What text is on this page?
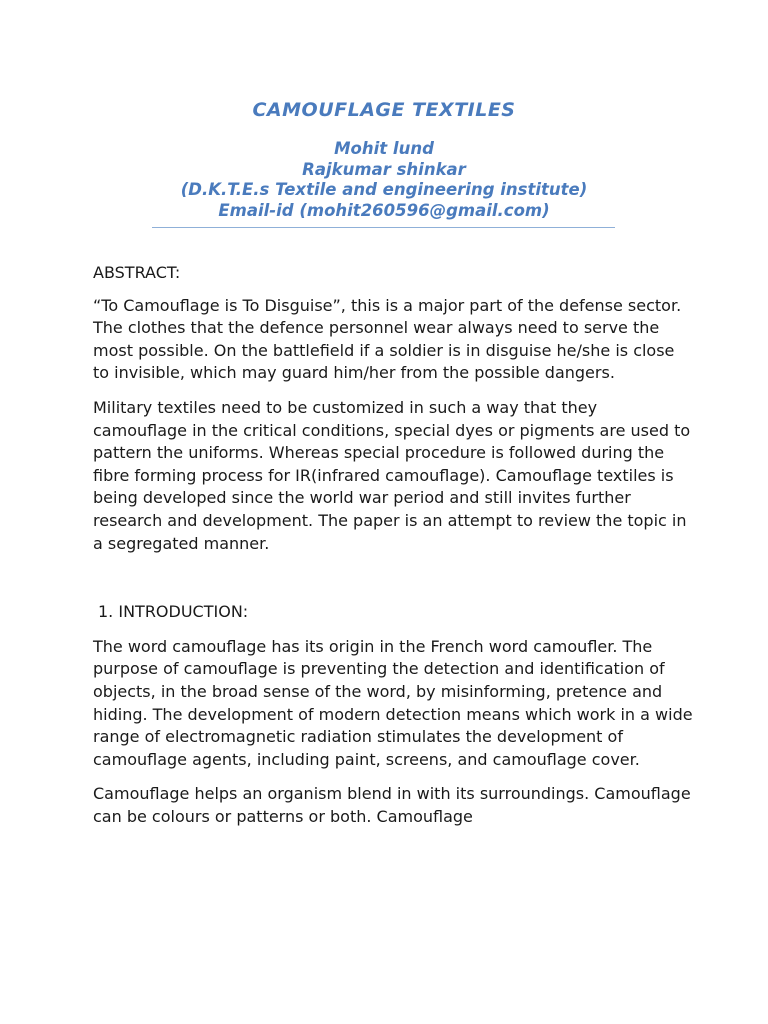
CAMOUFLAGE TEXTILES
Mohit lund
Rajkumar shinkar
(D.K.T.E.s Textile and engineering institute)
Email-id (mohit260596@gmail.com)

ABSTRACT:

“To Camouflage is To Disguise”, this is a major part of the defense sector. The clothes that the defence personnel wear always need to serve the most possible. On the battlefield if a soldier is in disguise he/she is close to invisible, which may guard him/her from the possible dangers.

Military textiles need to be customized in such a way that they camouflage in the critical conditions, special dyes or pigments are used to pattern the uniforms. Whereas special procedure is followed during the fibre forming process for IR(infrared camouflage). Camouflage textiles is being developed since the world war period and still invites further research and development. The paper is an attempt to review the topic in a segregated manner.

1. INTRODUCTION:

The word camouflage has its origin in the French word camoufler. The purpose of camouflage is preventing the detection and identification of objects, in the broad sense of the word, by misinforming, pretence and hiding. The development of modern detection means which work in a wide range of electromagnetic radiation stimulates the development of camouflage agents, including paint, screens, and camouflage cover.

Camouflage helps an organism blend in with its surroundings. Camouflage can be colours or patterns or both. Camouflage
